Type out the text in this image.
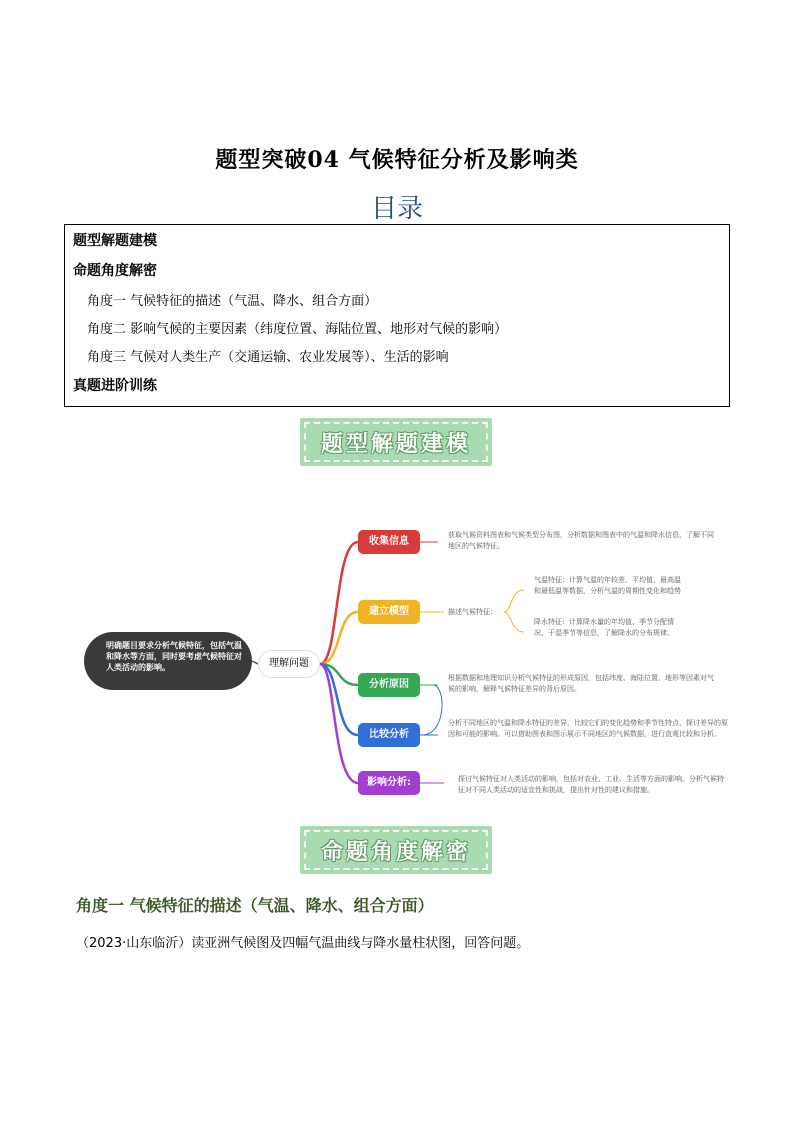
题型突破04 气候特征分析及影响类
目录
题型解题建模
命题角度解密
角度一 气候特征的描述（气温、降水、组合方面）
角度二 影响气候的主要因素（纬度位置、海陆位置、地形对气候的影响）
角度三 气候对人类生产（交通运输、农业发展等）、生活的影响
真题进阶训练
题型解题建模
明确题目要求分析气候特征，包括气温和降水等方面，同时要考虑气候特征对人类活动的影响。	理解问题
收集信息
建立模型
分析原因
比较分析
影响分析:
获取气候资料图表和气候类型分布图，分析数据和图表中的气温和降水信息，了解不同地区的气候特征。
描述气候特征：
气温特征：计算气温的年较差、平均值、最高温和最低温等数据，分析气温的周期性变化和趋势
降水特征：计算降水量的年均值、季节分配情况、干湿季节等信息，了解降水的分布规律。
根据数据和地理知识分析气候特征的形成原因，包括纬度、海陆位置、地形等因素对气候的影响，解释气候特征差异的背后原因。
分析不同地区的气温和降水特征的差异，比较它们的变化趋势和季节性特点，探讨差异的原因和可能的影响。可以借助图表和图示展示不同地区的气候数据，进行直观比较和分析。
探讨气候特征对人类活动的影响，包括对农业、工业、生活等方面的影响。分析气候特征对不同人类活动的适宜性和挑战，提出针对性的建议和措施。
命题角度解密
角度一 气候特征的描述（气温、降水、组合方面）
（2023·山东临沂）读亚洲气候图及四幅气温曲线与降水量柱状图，回答问题。
